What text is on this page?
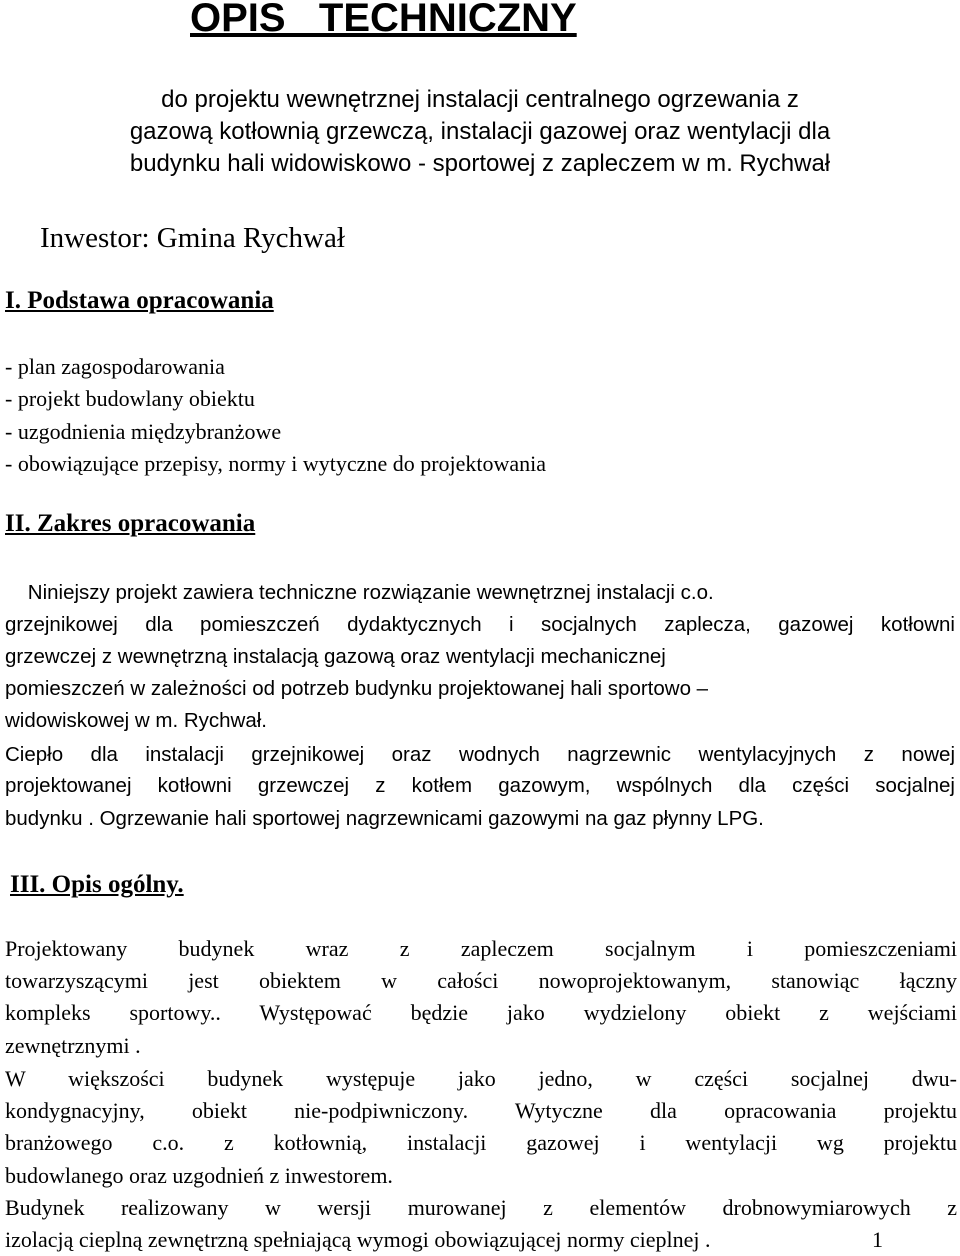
OPIS   TECHNICZNY

do projektu wewnętrznej instalacji centralnego ogrzewania z

gazową kotłownią grzewczą, instalacji gazowej oraz wentylacji dla

budynku hali widowiskowo - sportowej z zapleczem w m. Rychwał

Inwestor: Gmina Rychwał

I. Podstawa opracowania

- plan zagospodarowania

- projekt budowlany obiektu

- uzgodnienia międzybranżowe

- obowiązujące przepisy, normy i wytyczne do projektowania

II. Zakres opracowania

Niniejszy projekt zawiera techniczne rozwiązanie wewnętrznej instalacji c.o.

grzejnikowej dla pomieszczeń dydaktycznych i socjalnych zaplecza, gazowej kotłowni

grzewczej z wewnętrzną instalacją gazową oraz wentylacji mechanicznej

pomieszczeń w zależności od potrzeb budynku projektowanej hali sportowo –

widowiskowej w m. Rychwał.

Ciepło dla instalacji grzejnikowej oraz wodnych nagrzewnic wentylacyjnych z nowej

projektowanej kotłowni grzewczej z kotłem gazowym, wspólnych dla części socjalnej

budynku . Ogrzewanie hali sportowej nagrzewnicami gazowymi na gaz płynny LPG.

III. Opis ogólny.

Projektowany budynek wraz z zapleczem socjalnym i pomieszczeniami

towarzyszącymi jest obiektem w całości nowoprojektowanym, stanowiąc łączny

kompleks sportowy.. Występować będzie jako wydzielony obiekt z wejściami

zewnętrznymi .

W większości budynek występuje jako jedno, w części socjalnej dwu-

kondygnacyjny, obiekt nie-podpiwniczony. Wytyczne dla opracowania projektu

branżowego c.o. z kotłownią, instalacji gazowej i wentylacji wg projektu

budowlanego oraz uzgodnień z inwestorem.

Budynek realizowany w wersji murowanej z elementów drobnowymiarowych z

izolacją cieplną zewnętrzną spełniającą wymogi obowiązującej normy cieplnej .	1
